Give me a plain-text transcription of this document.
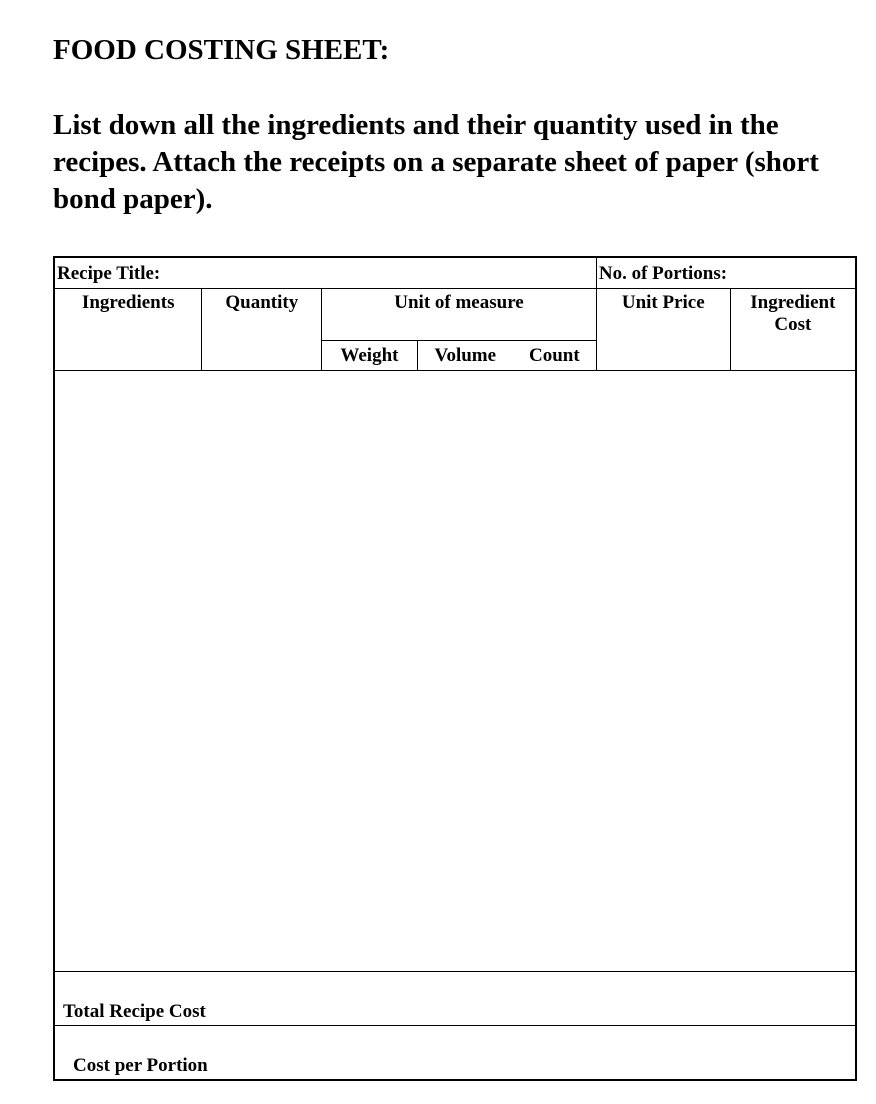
FOOD COSTING SHEET:

List down all the ingredients and their quantity used in the recipes. Attach the receipts on a separate sheet of paper (short bond paper).

Recipe Title:					No. of Portions:	
Ingredients	Quantity	Unit of measure			Unit Price	Ingredient Cost
		Weight	Volume	Count		

Total Recipe Cost						
Cost per Portion						
